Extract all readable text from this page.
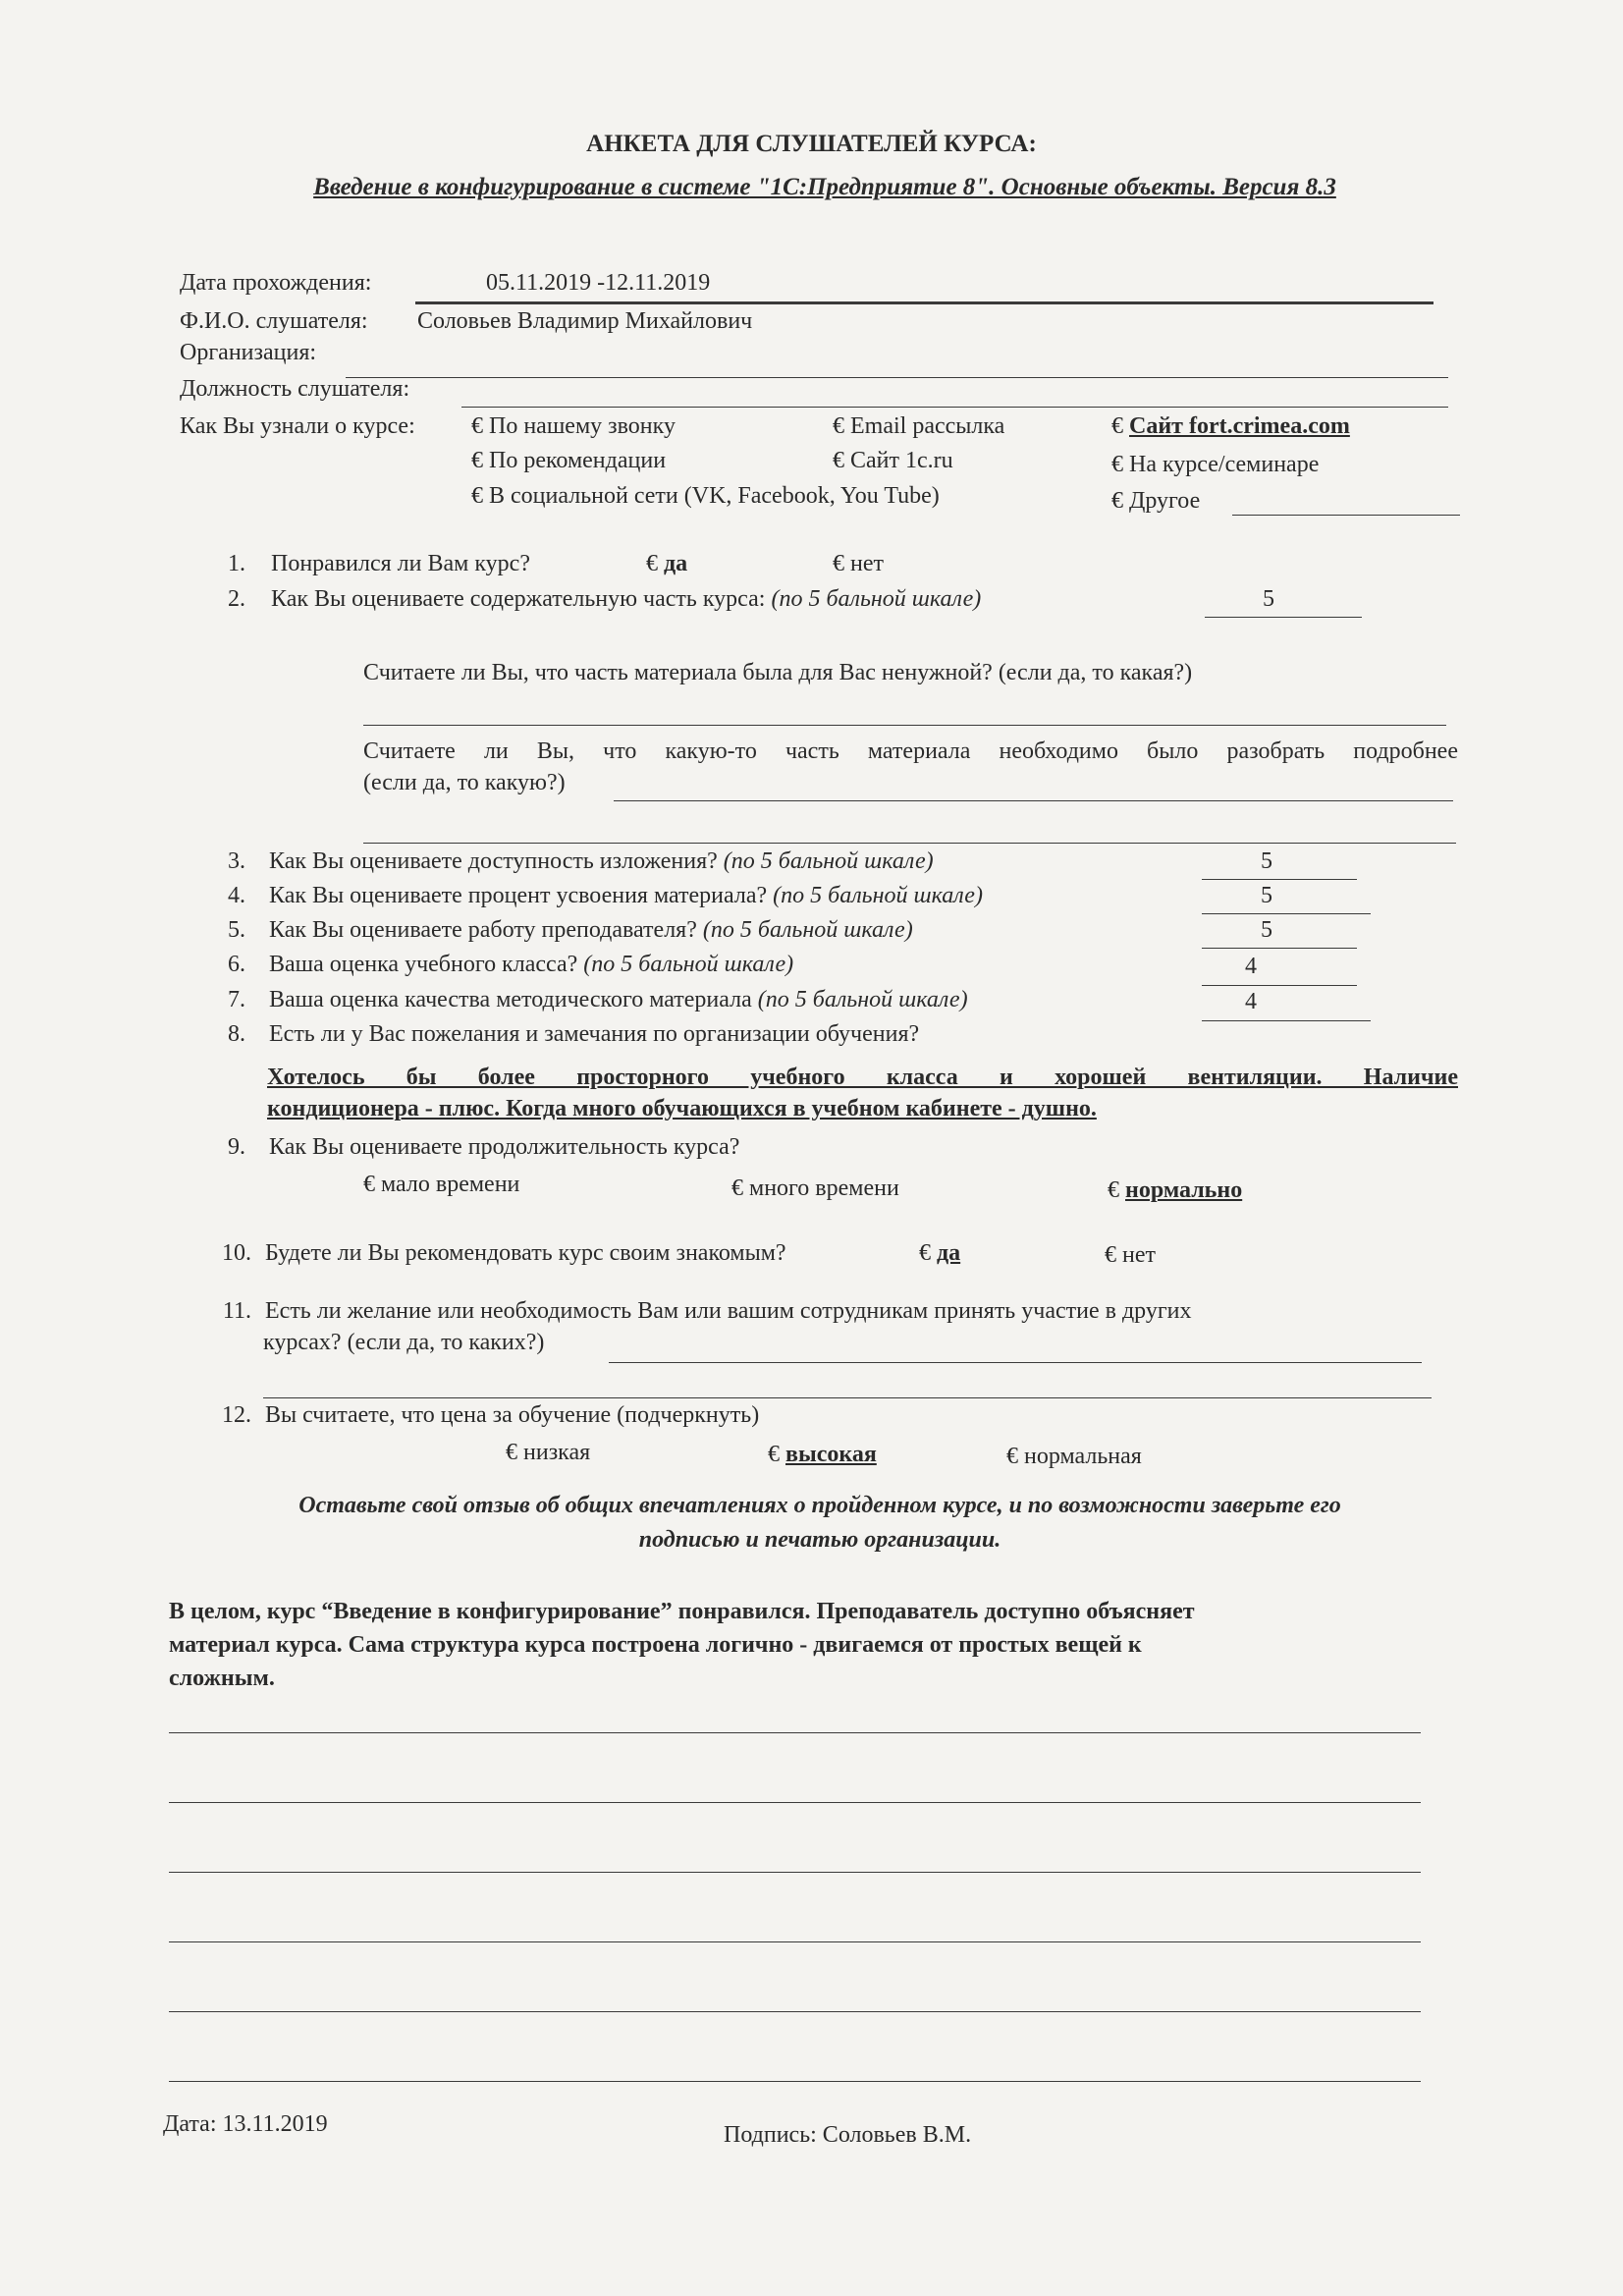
АНКЕТА ДЛЯ СЛУШАТЕЛЕЙ КУРСА:
Введение в конфигурирование в системе "1С:Предприятие 8". Основные объекты. Версия 8.3
Дата прохождения:	05.11.2019 -12.11.2019
Ф.И.О. слушателя: Соловьев Владимир Михайлович
Организация:
Должность слушателя:
Как Вы узнали о курсе: € По нашему звонку	€ Email рассылка	€ Сайт fort.crimea.com
€ По рекомендации	€ Сайт 1c.ru	€ На курсе/семинаре
€ В социальной сети (VK, Facebook, You Tube)	€ Другое
1. Понравился ли Вам курс?	€ да	€ нет
2. Как Вы оцениваете содержательную часть курса: (по 5 бальной шкале)	5
Считаете ли Вы, что часть материала была для Вас ненужной? (если да, то какая?)
Считаете ли Вы, что какую-то часть материала необходимо было разобрать подробнее
(если да, то какую?)
3. Как Вы оцениваете доступность изложения? (по 5 бальной шкале)	5
4. Как Вы оцениваете процент усвоения материала? (по 5 бальной шкале)	5
5. Как Вы оцениваете работу преподавателя? (по 5 бальной шкале)	5
6. Ваша оценка учебного класса? (по 5 бальной шкале)	4
7. Ваша оценка качества методического материала (по 5 бальной шкале)	4
8. Есть ли у Вас пожелания и замечания по организации обучения?
Хотелось бы более просторного учебного класса и хорошей вентиляции. Наличие
кондиционера - плюс. Когда много обучающихся в учебном кабинете - душно.
9. Как Вы оцениваете продолжительность курса?
€ мало времени	€ много времени	€ нормально
10. Будете ли Вы рекомендовать курс своим знакомым?	€ да	€ нет
11. Есть ли желание или необходимость Вам или вашим сотрудникам принять участие в других
курсах? (если да, то каких?)
12. Вы считаете, что цена за обучение (подчеркнуть)
€ низкая	€ высокая	€ нормальная
Оставьте свой отзыв об общих впечатлениях о пройденном курсе, и по возможности заверьте его
подписью и печатью организации.
В целом, курс “Введение в конфигурирование” понравился. Преподаватель доступно объясняет
материал курса. Сама структура курса построена логично - двигаемся от простых вещей к
сложным.
Дата: 13.11.2019	Подпись: Соловьев В.М.
